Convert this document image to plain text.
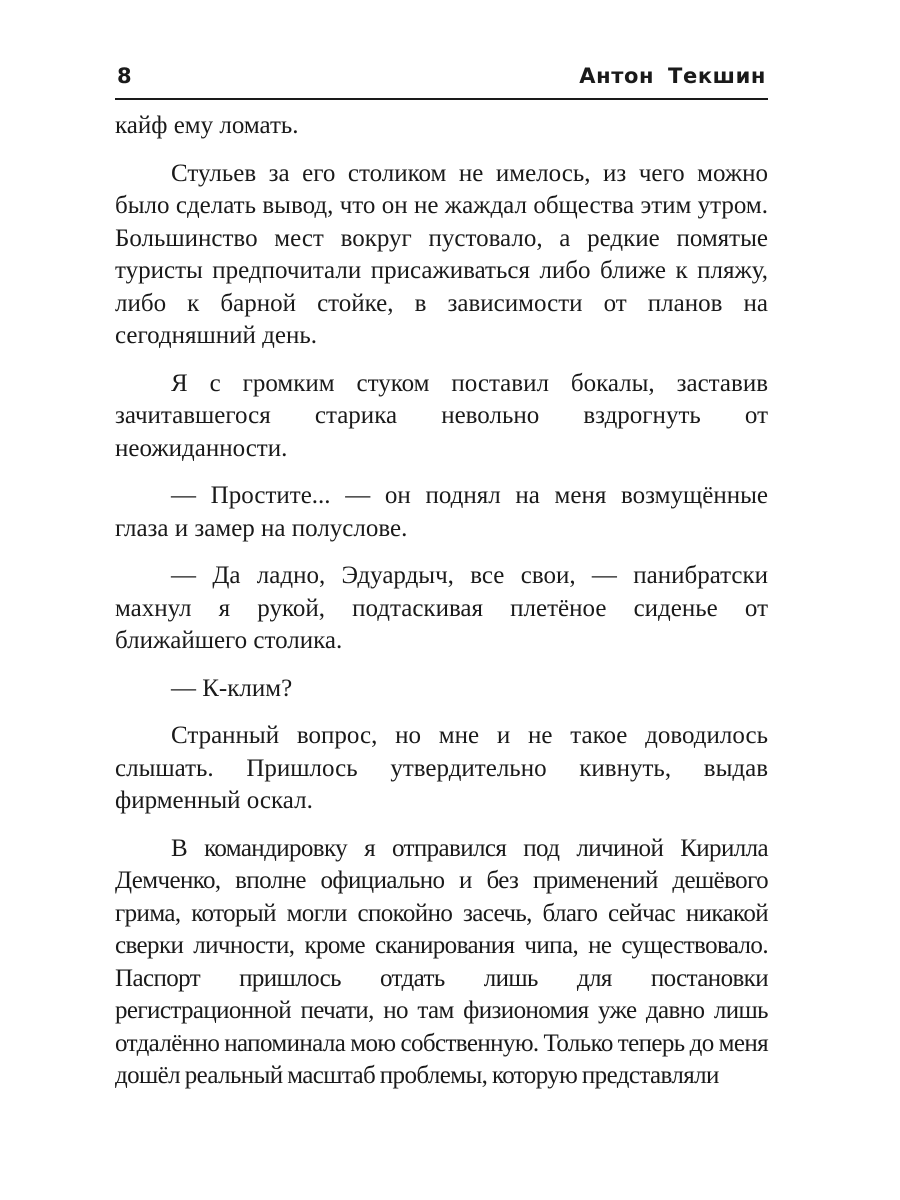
8	Антон Текшин

кайф ему ломать.

Стульев за его столиком не имелось, из чего можно было сделать вывод, что он не жаждал общества этим утром. Большинство мест вокруг пустовало, а редкие помятые туристы предпочитали присаживаться либо ближе к пляжу, либо к барной стойке, в зависимости от планов на сегодняшний день.

Я с громким стуком поставил бокалы, заставив зачитавшегося старика невольно вздрогнуть от неожиданности.

— Простите... — он поднял на меня возмущённые глаза и замер на полуслове.

— Да ладно, Эдуардыч, все свои, — панибратски махнул я рукой, подтаскивая плетёное сиденье от ближайшего столика.

— К-клим?

Странный вопрос, но мне и не такое доводилось слышать. Пришлось утвердительно кивнуть, выдав фирменный оскал.

В командировку я отправился под личиной Кирилла Демченко, вполне официально и без применений дешёвого грима, который могли спокойно засечь, благо сейчас никакой сверки личности, кроме сканирования чипа, не существовало. Паспорт пришлось отдать лишь для постановки регистрационной печати, но там физиономия уже давно лишь отдалённо напоминала мою собственную. Только теперь до меня дошёл реальный масштаб проблемы, которую представляли
